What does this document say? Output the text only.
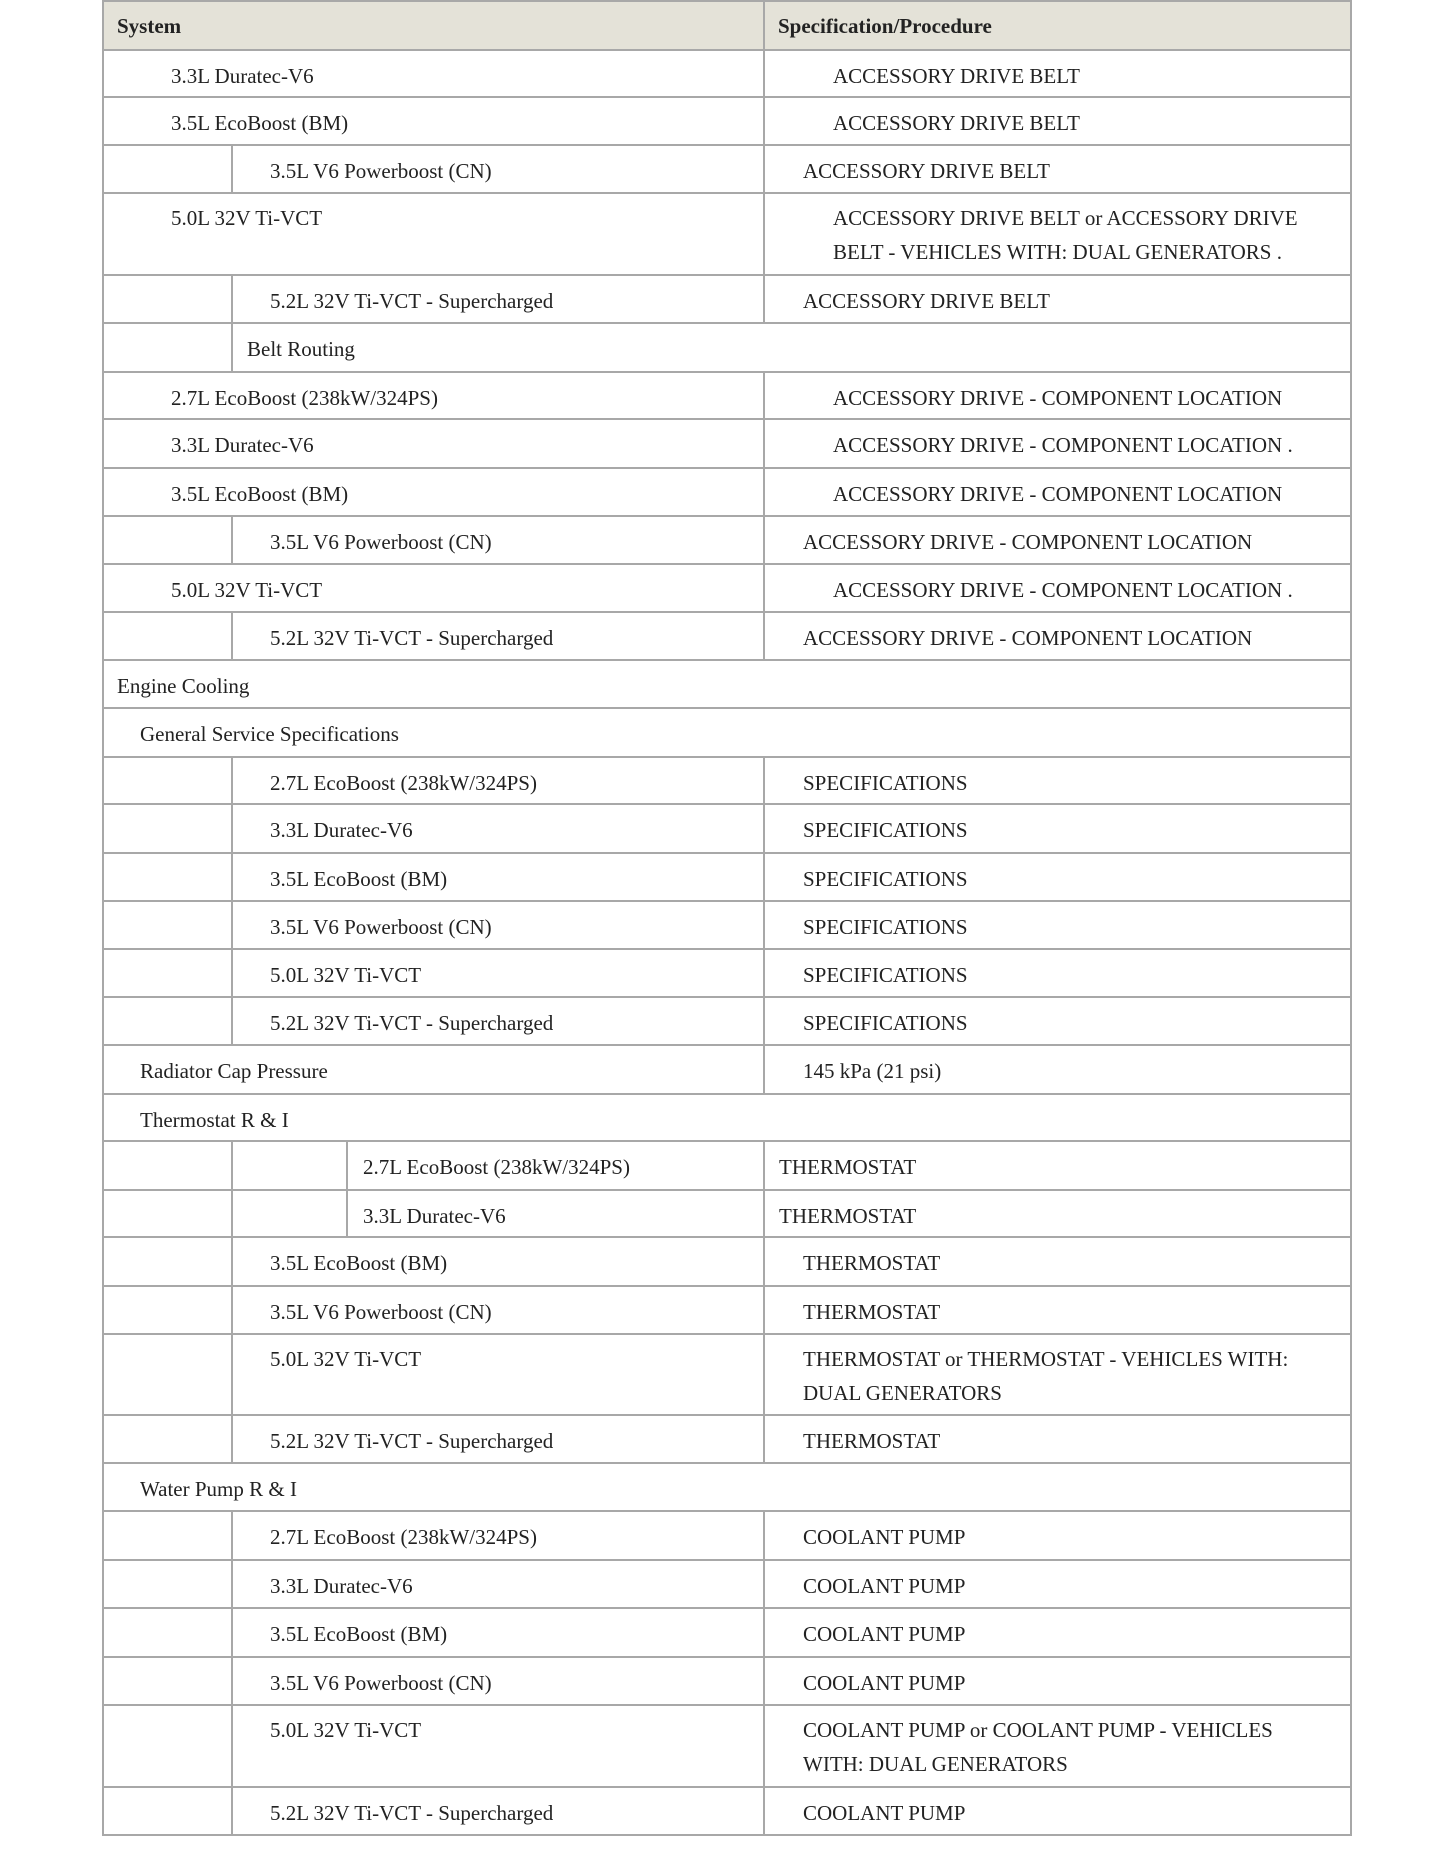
System	Specification/Procedure
3.3L Duratec-V6	ACCESSORY DRIVE BELT
3.5L EcoBoost (BM)	ACCESSORY DRIVE BELT
3.5L V6 Powerboost (CN)	ACCESSORY DRIVE BELT
5.0L 32V Ti-VCT	ACCESSORY DRIVE BELT or ACCESSORY DRIVE BELT - VEHICLES WITH: DUAL GENERATORS .
5.2L 32V Ti-VCT - Supercharged	ACCESSORY DRIVE BELT
Belt Routing
2.7L EcoBoost (238kW/324PS)	ACCESSORY DRIVE - COMPONENT LOCATION
3.3L Duratec-V6	ACCESSORY DRIVE - COMPONENT LOCATION .
3.5L EcoBoost (BM)	ACCESSORY DRIVE - COMPONENT LOCATION
3.5L V6 Powerboost (CN)	ACCESSORY DRIVE - COMPONENT LOCATION
5.0L 32V Ti-VCT	ACCESSORY DRIVE - COMPONENT LOCATION .
5.2L 32V Ti-VCT - Supercharged	ACCESSORY DRIVE - COMPONENT LOCATION
Engine Cooling
General Service Specifications
2.7L EcoBoost (238kW/324PS)	SPECIFICATIONS
3.3L Duratec-V6	SPECIFICATIONS
3.5L EcoBoost (BM)	SPECIFICATIONS
3.5L V6 Powerboost (CN)	SPECIFICATIONS
5.0L 32V Ti-VCT	SPECIFICATIONS
5.2L 32V Ti-VCT - Supercharged	SPECIFICATIONS
Radiator Cap Pressure	145 kPa (21 psi)
Thermostat R & I
2.7L EcoBoost (238kW/324PS)	THERMOSTAT
3.3L Duratec-V6	THERMOSTAT
3.5L EcoBoost (BM)	THERMOSTAT
3.5L V6 Powerboost (CN)	THERMOSTAT
5.0L 32V Ti-VCT	THERMOSTAT or THERMOSTAT - VEHICLES WITH: DUAL GENERATORS
5.2L 32V Ti-VCT - Supercharged	THERMOSTAT
Water Pump R & I
2.7L EcoBoost (238kW/324PS)	COOLANT PUMP
3.3L Duratec-V6	COOLANT PUMP
3.5L EcoBoost (BM)	COOLANT PUMP
3.5L V6 Powerboost (CN)	COOLANT PUMP
5.0L 32V Ti-VCT	COOLANT PUMP or COOLANT PUMP - VEHICLES WITH: DUAL GENERATORS
5.2L 32V Ti-VCT - Supercharged	COOLANT PUMP
